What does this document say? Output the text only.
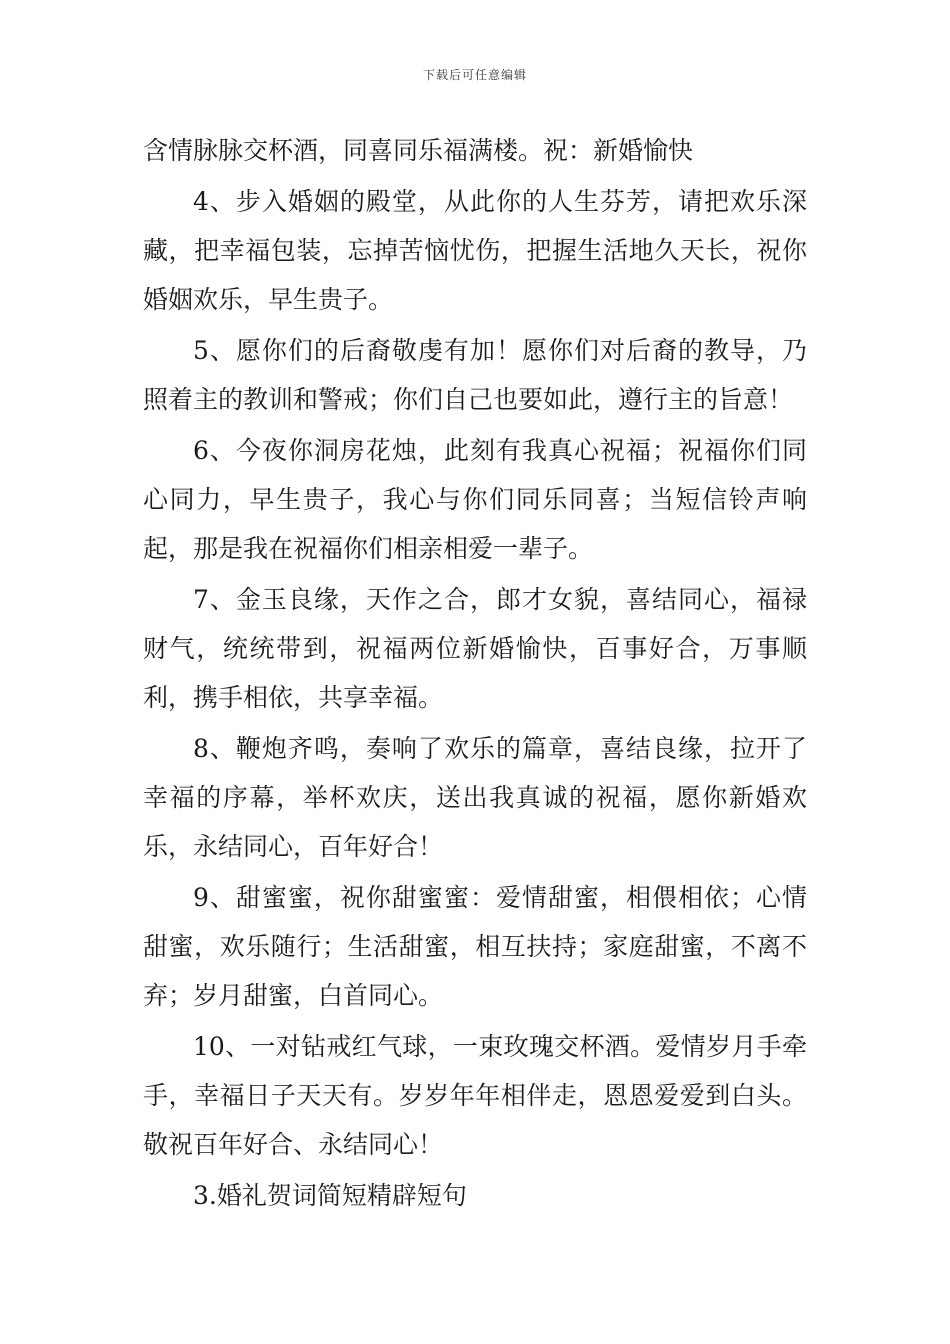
下载后可任意编辑

含情脉脉交杯酒，同喜同乐福满楼。祝：新婚愉快

4、步入婚姻的殿堂，从此你的人生芬芳，请把欢乐深藏，把幸福包装，忘掉苦恼忧伤，把握生活地久天长，祝你婚姻欢乐，早生贵子。

5、愿你们的后裔敬虔有加！愿你们对后裔的教导，乃照着主的教训和警戒；你们自己也要如此，遵行主的旨意！

6、今夜你洞房花烛，此刻有我真心祝福；祝福你们同心同力，早生贵子，我心与你们同乐同喜；当短信铃声响起，那是我在祝福你们相亲相爱一辈子。

7、金玉良缘，天作之合，郎才女貌，喜结同心，福禄财气，统统带到，祝福两位新婚愉快，百事好合，万事顺利，携手相依，共享幸福。

8、鞭炮齐鸣，奏响了欢乐的篇章，喜结良缘，拉开了幸福的序幕，举杯欢庆，送出我真诚的祝福，愿你新婚欢乐，永结同心，百年好合！

9、甜蜜蜜，祝你甜蜜蜜：爱情甜蜜，相偎相依；心情甜蜜，欢乐随行；生活甜蜜，相互扶持；家庭甜蜜，不离不弃；岁月甜蜜，白首同心。

10、一对钻戒红气球，一束玫瑰交杯酒。爱情岁月手牵手，幸福日子天天有。岁岁年年相伴走，恩恩爱爱到白头。敬祝百年好合、永结同心！

3.婚礼贺词简短精辟短句
